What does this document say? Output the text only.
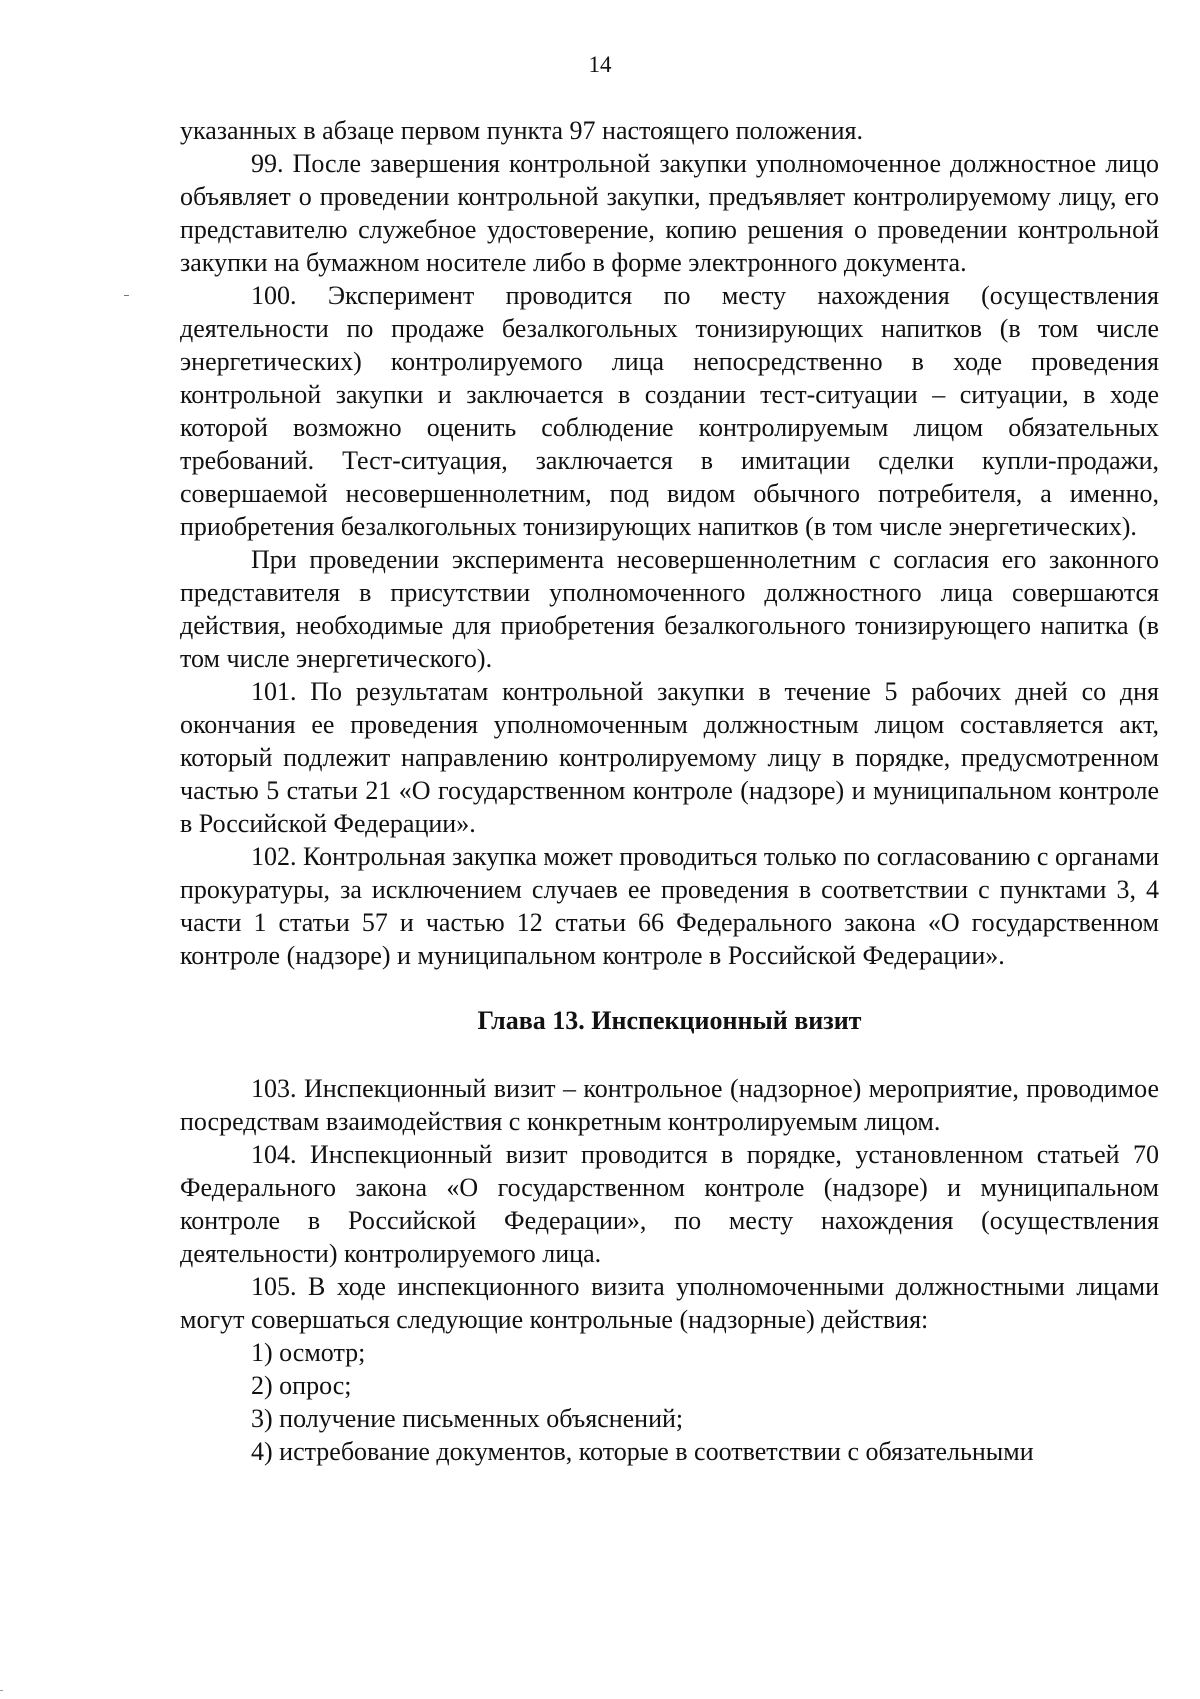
14

указанных в абзаце первом пункта 97 настоящего положения.

99. После завершения контрольной закупки уполномоченное должностное лицо объявляет о проведении контрольной закупки, предъявляет контролируемому лицу, его представителю служебное удостоверение, копию решения о проведении контрольной закупки на бумажном носителе либо в форме электронного документа.

100. Эксперимент проводится по месту нахождения (осуществления деятельности по продаже безалкогольных тонизирующих напитков (в том числе энергетических) контролируемого лица непосредственно в ходе проведения контрольной закупки и заключается в создании тест-ситуации – ситуации, в ходе которой возможно оценить соблюдение контролируемым лицом обязательных требований. Тест-ситуация, заключается в имитации сделки купли-продажи, совершаемой несовершеннолетним, под видом обычного потребителя, а именно, приобретения безалкогольных тонизирующих напитков (в том числе энергетических).

При проведении эксперимента несовершеннолетним с согласия его законного представителя в присутствии уполномоченного должностного лица совершаются действия, необходимые для приобретения безалкогольного тонизирующего напитка (в том числе энергетического).

101. По результатам контрольной закупки в течение 5 рабочих дней со дня окончания ее проведения уполномоченным должностным лицом составляется акт, который подлежит направлению контролируемому лицу в порядке, предусмотренном частью 5 статьи 21 «О государственном контроле (надзоре) и муниципальном контроле в Российской Федерации».

102. Контрольная закупка может проводиться только по согласованию с органами прокуратуры, за исключением случаев ее проведения в соответствии с пунктами 3, 4 части 1 статьи 57 и частью 12 статьи 66 Федерального закона «О государственном контроле (надзоре) и муниципальном контроле в Российской Федерации».

Глава 13. Инспекционный визит

103. Инспекционный визит – контрольное (надзорное) мероприятие, проводимое посредствам взаимодействия с конкретным контролируемым лицом.

104. Инспекционный визит проводится в порядке, установленном статьей 70 Федерального закона «О государственном контроле (надзоре) и муниципальном контроле в Российской Федерации», по месту нахождения (осуществления деятельности) контролируемого лица.

105. В ходе инспекционного визита уполномоченными должностными лицами могут совершаться следующие контрольные (надзорные) действия:

1) осмотр;

2) опрос;

3) получение письменных объяснений;

4) истребование документов, которые в соответствии с обязательными
